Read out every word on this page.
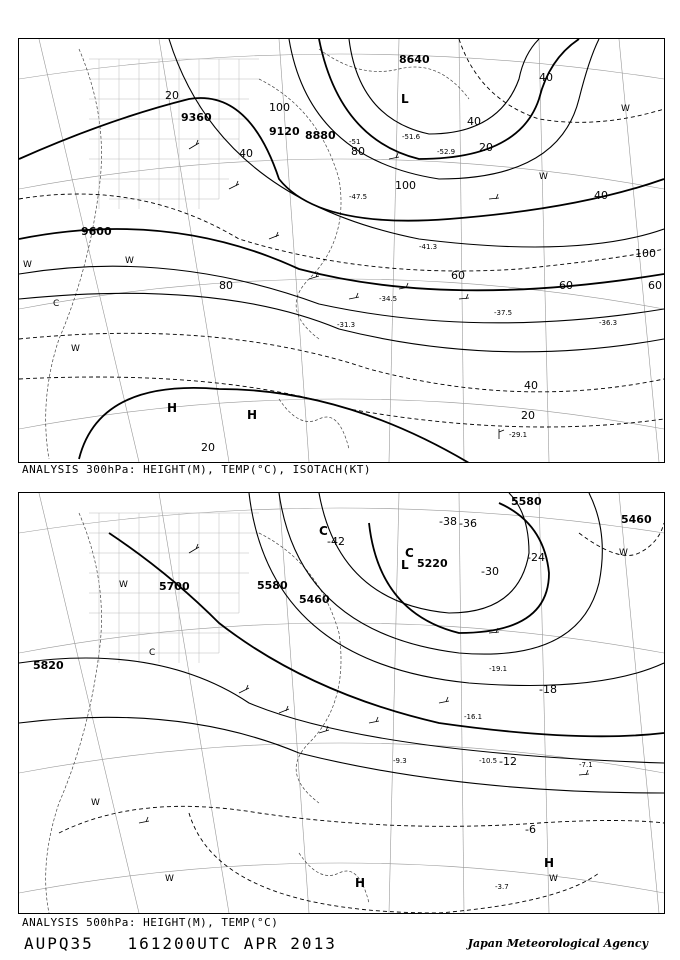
9360
9120 8880
8640
9600
20
40	80
100
100
60
40
20
40
80	60
40
20
100
60
40
20
-51
-47.5
-41.3
-34.5
-37.5
-36.3
-31.3
-29.1
-52.9
-51.6
L
H	H
W	W
W
C
W
W
ANALYSIS 300hPa: HEIGHT(M), TEMP(°C), ISOTACH(KT)
5700	5580
5460
5820
5220
5580
5460
-42
-38 -36
-30
-24
-18
-12
-6
-19.1
-16.1
-10.5	-7.1
-9.3
-3.7
L
C
C
H
H
W
C
W
W
W
W
ANALYSIS 500hPa: HEIGHT(M), TEMP(°C)
AUPQ35 161200UTC APR 2013	Japan Meteorological Agency
